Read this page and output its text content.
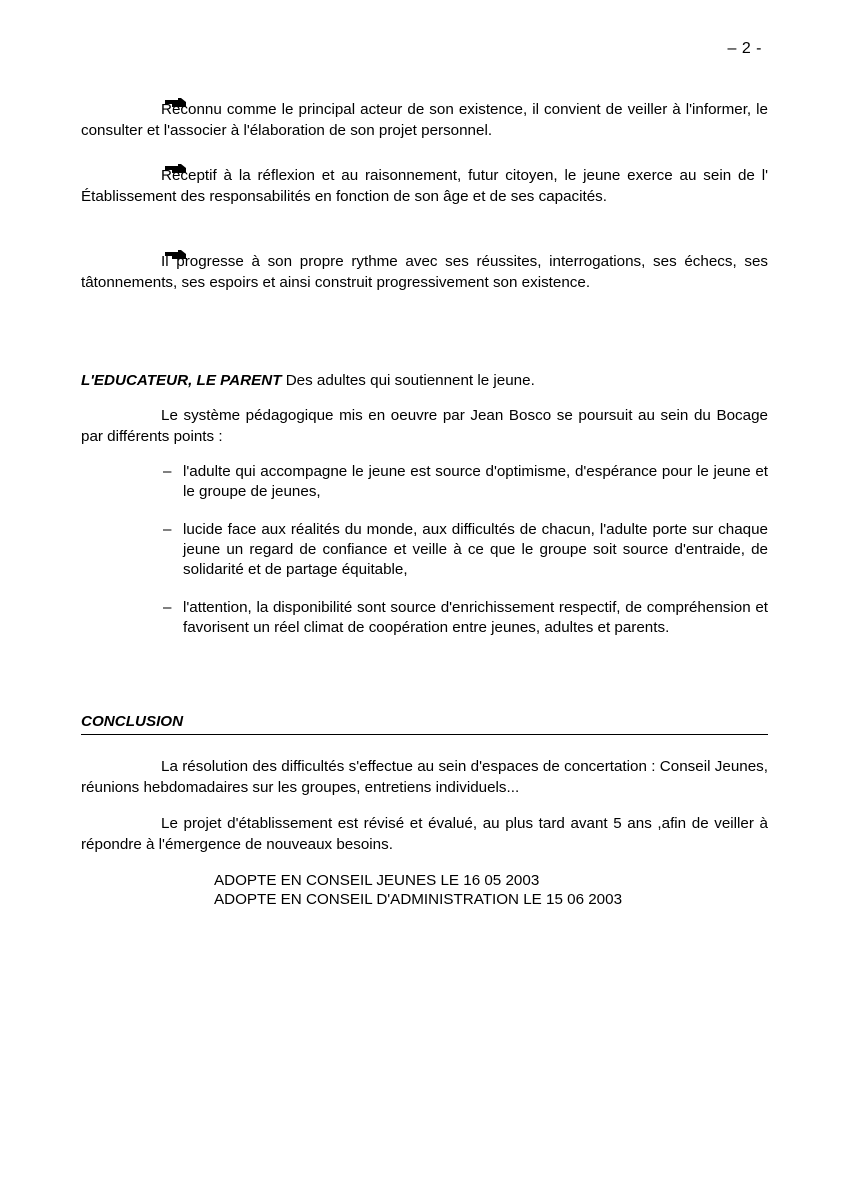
– 2 -

Reconnu comme le principal acteur de son existence, il convient de veiller à l'informer, le consulter et l'associer à l'élaboration de son projet personnel.

Réceptif à la réflexion et au raisonnement, futur citoyen, le jeune exerce au sein de l' Établissement des responsabilités en fonction de son âge et de ses capacités.

Il progresse à son propre rythme avec ses réussites, interrogations, ses échecs, ses tâtonnements, ses espoirs et ainsi construit progressivement son existence.

L'EDUCATEUR, LE PARENT Des adultes qui soutiennent le jeune.

Le système pédagogique mis en oeuvre par Jean Bosco se poursuit au sein du Bocage par différents points :

– l'adulte qui accompagne le jeune est source d'optimisme, d'espérance pour le jeune et le groupe de jeunes,
– lucide face aux réalités du monde, aux difficultés de chacun, l'adulte porte sur chaque jeune un regard de confiance et veille à ce que le groupe soit source d'entraide, de solidarité et de partage équitable,
– l'attention, la disponibilité sont source d'enrichissement respectif, de compréhension et favorisent un réel climat de coopération entre jeunes, adultes et parents.

CONCLUSION

La résolution des difficultés s'effectue au sein d'espaces de concertation : Conseil Jeunes, réunions hebdomadaires sur les groupes, entretiens individuels...

Le projet d'établissement est révisé et évalué, au plus tard avant 5 ans ,afin de veiller à répondre à l'émergence de nouveaux besoins.

ADOPTE EN CONSEIL JEUNES LE 16 05 2003

ADOPTE EN CONSEIL D'ADMINISTRATION LE 15 06 2003
